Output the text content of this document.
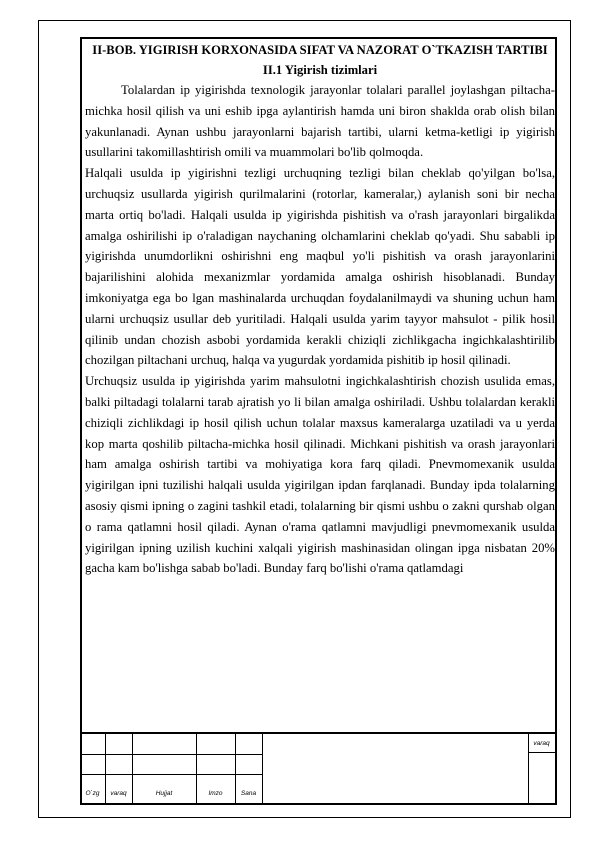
II-BOB. YIGIRISH KORXONASIDA SIFAT VA NAZORAT O`TKAZISH TARTIBI

II.1 Yigirish tizimlari

Tolalardan ip yigirishda texnologik jarayonlar tolalari parallel joylashgan piltacha-michka hosil qilish va uni eshib ipga aylantirish hamda uni biron shaklda orab olish bilan yakunlanadi. Aynan ushbu jarayonlarni bajarish tartibi, ularni ketma-ketligi ip yigirish usullarini takomillashtirish omili va muammolari bo'lib qolmoqda.

Halqali usulda ip yigirishni tezligi urchuqning tezligi bilan cheklab qo'yilgan bo'lsa, urchuqsiz usullarda yigirish qurilmalarini (rotorlar, kameralar,) aylanish soni bir necha marta ortiq bo'ladi. Halqali usulda ip yigirishda pishitish va o'rash jarayonlari birgalikda amalga oshirilishi ip o'raladigan naychaning olchamlarini cheklab qo'yadi. Shu sababli ip yigirishda unumdorlikni oshirishni eng maqbul yo'li pishitish va orash jarayonlarini bajarilishini alohida mexanizmlar yordamida amalga oshirish hisoblanadi. Bunday imkoniyatga ega bo lgan mashinalarda urchuqdan foydalanilmaydi va shuning uchun ham ularni urchuqsiz usullar deb yuritiladi. Halqali usulda yarim tayyor mahsulot - pilik hosil qilinib undan chozish asbobi yordamida kerakli chiziqli zichlikgacha ingichkalashtirilib chozilgan piltachani urchuq, halqa va yugurdak yordamida pishitib ip hosil qilinadi.

Urchuqsiz usulda ip yigirishda yarim mahsulotni ingichkalashtirish chozish usulida emas, balki piltadagi tolalarni tarab ajratish yo li bilan amalga oshiriladi. Ushbu tolalardan kerakli chiziqli zichlikdagi ip hosil qilish uchun tolalar maxsus kameralarga uzatiladi va u yerda kop marta qoshilib piltacha-michka hosil qilinadi. Michkani pishitish va orash jarayonlari ham amalga oshirish tartibi va mohiyatiga kora farq qiladi. Pnevmomexanik usulda yigirilgan ipni tuzilishi halqali usulda yigirilgan ipdan farqlanadi. Bunday ipda tolalarning asosiy qismi ipning o zagini tashkil etadi, tolalarning bir qismi ushbu o zakni qurshab olgan o rama qatlamni hosil qiladi. Aynan o'rama qatlamni mavjudligi pnevmomexanik usulda yigirilgan ipning uzilish kuchini xalqali yigirish mashinasidan olingan ipga nisbatan 20% gacha kam bo'lishga sabab bo'ladi. Bunday farq bo'lishi o'rama qatlamdagi

O`zg	varaq	Hujjat	Imzo	Sana
varaq
